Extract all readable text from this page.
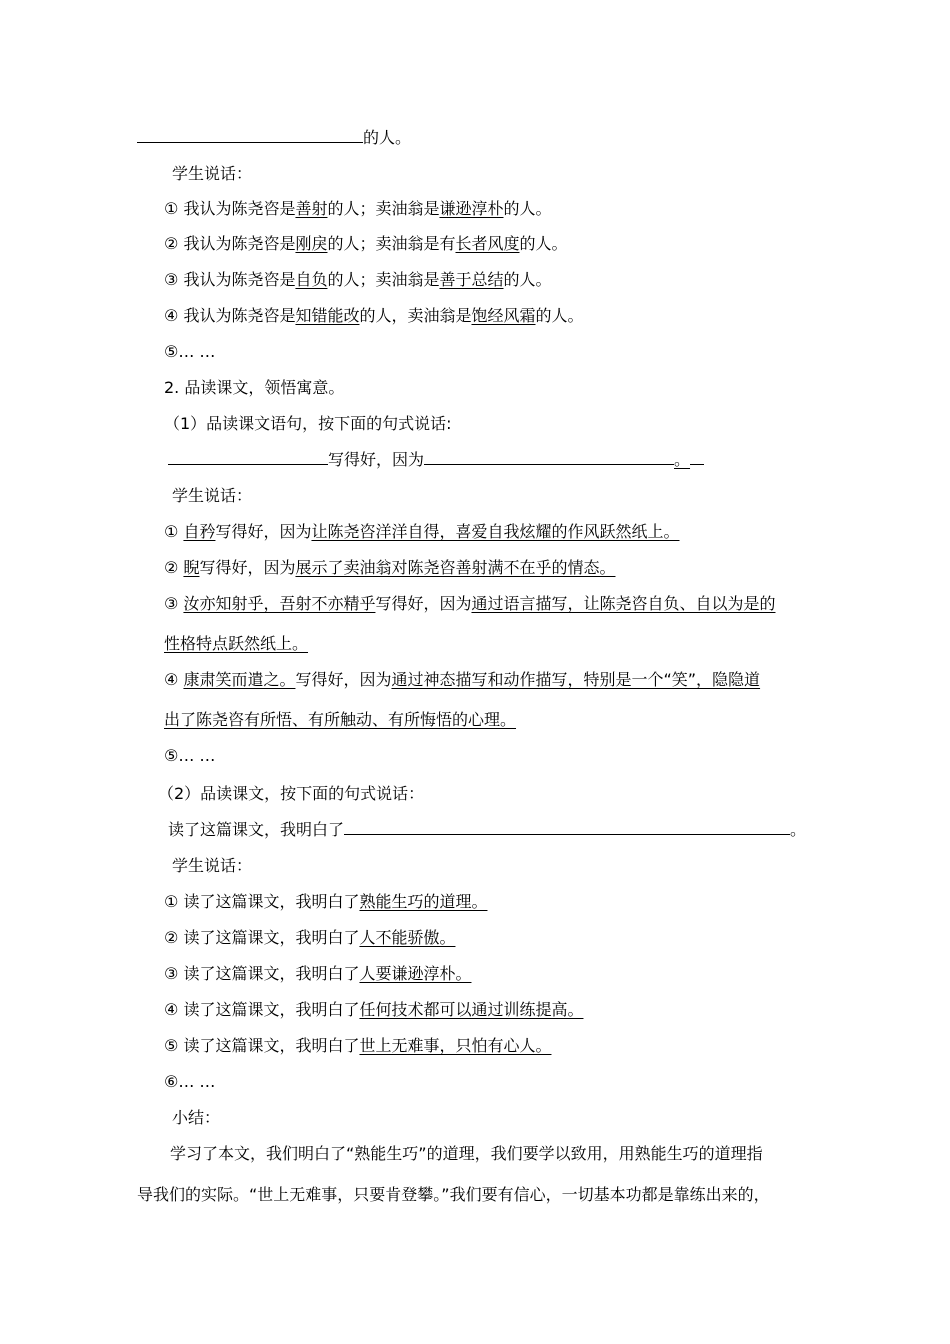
的人。
学生说话：
① 我认为陈尧咨是善射的人；卖油翁是谦逊淳朴的人。
② 我认为陈尧咨是刚戾的人；卖油翁是有长者风度的人。
③ 我认为陈尧咨是自负的人；卖油翁是善于总结的人。
④ 我认为陈尧咨是知错能改的人，卖油翁是饱经风霜的人。
⑤… …
2. 品读课文，领悟寓意。
（1）品读课文语句，按下面的句式说话:
写得好，因为	。
学生说话：
① 自矜写得好，因为让陈尧咨洋洋自得，喜爱自我炫耀的作风跃然纸上。
② 睨写得好，因为展示了卖油翁对陈尧咨善射满不在乎的情态。
③ 汝亦知射乎，吾射不亦精乎写得好，因为通过语言描写，让陈尧咨自负、自以为是的
性格特点跃然纸上。
④ 康肃笑而遣之。写得好，因为通过神态描写和动作描写，特别是一个“笑”，隐隐道
出了陈尧咨有所悟、有所触动、有所悔悟的心理。
⑤… …
（2）品读课文，按下面的句式说话：
读了这篇课文，我明白了	。
学生说话：
① 读了这篇课文，我明白了熟能生巧的道理。
② 读了这篇课文，我明白了人不能骄傲。
③ 读了这篇课文，我明白了人要谦逊淳朴。
④ 读了这篇课文，我明白了任何技术都可以通过训练提高。
⑤ 读了这篇课文，我明白了世上无难事，只怕有心人。
⑥… …
小结：
学习了本文，我们明白了“熟能生巧”的道理，我们要学以致用，用熟能生巧的道理指
导我们的实际。“世上无难事，只要肯登攀。”我们要有信心，一切基本功都是靠练出来的，
